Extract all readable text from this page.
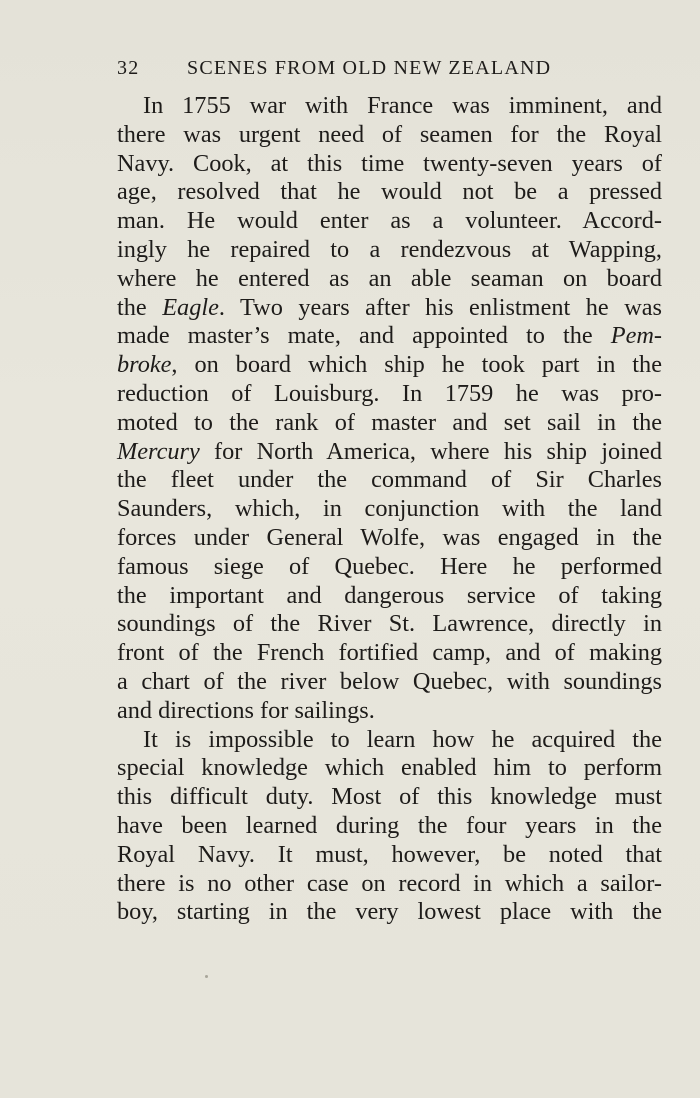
32 SCENES FROM OLD NEW ZEALAND

In 1755 war with France was imminent, and
there was urgent need of seamen for the Royal
Navy. Cook, at this time twenty-seven years of
age, resolved that he would not be a pressed
man. He would enter as a volunteer. Accord-
ingly he repaired to a rendezvous at Wapping,
where he entered as an able seaman on board
the Eagle. Two years after his enlistment he was
made master’s mate, and appointed to the Pem-
broke, on board which ship he took part in the
reduction of Louisburg. In 1759 he was pro-
moted to the rank of master and set sail in the
Mercury for North America, where his ship joined
the fleet under the command of Sir Charles
Saunders, which, in conjunction with the land
forces under General Wolfe, was engaged in the
famous siege of Quebec. Here he performed
the important and dangerous service of taking
soundings of the River St. Lawrence, directly in
front of the French fortified camp, and of making
a chart of the river below Quebec, with soundings
and directions for sailings.

It is impossible to learn how he acquired the
special knowledge which enabled him to perform
this difficult duty. Most of this knowledge must
have been learned during the four years in the
Royal Navy. It must, however, be noted that
there is no other case on record in which a sailor-
boy, starting in the very lowest place with the
